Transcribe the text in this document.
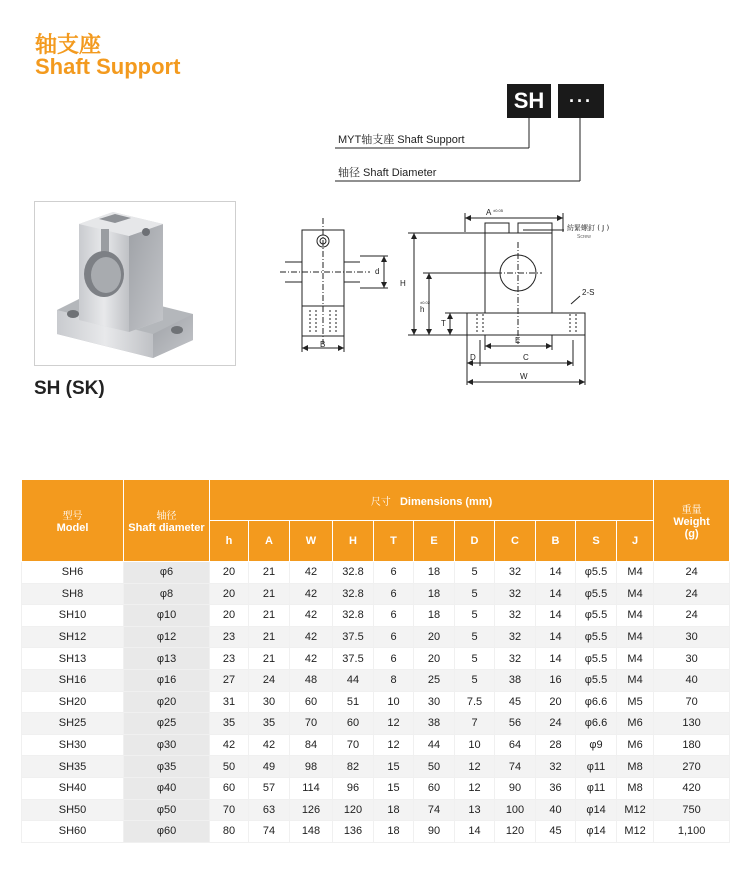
轴支座
Shaft Support
SH	···
MYT轴支座 Shaft Support
轴径 Shaft Diameter
SH (SK)
B
d
A ±0.05
H
h
±0.02
T
E
D	C
W
紡緊螺釘 ( J )
Screw
2-S
型号
Model	轴径
Shaft diameter	尺寸 Dimensions (mm)											重量
Weight
(g)
		h	A	W	H	T	E	D	C	B	S	J	
SH6	φ6	20	21	42	32.8	6	18	5	32	14	φ5.5	M4	24
SH8	φ8	20	21	42	32.8	6	18	5	32	14	φ5.5	M4	24
SH10	φ10	20	21	42	32.8	6	18	5	32	14	φ5.5	M4	24
SH12	φ12	23	21	42	37.5	6	20	5	32	14	φ5.5	M4	30
SH13	φ13	23	21	42	37.5	6	20	5	32	14	φ5.5	M4	30
SH16	φ16	27	24	48	44	8	25	5	38	16	φ5.5	M4	40
SH20	φ20	31	30	60	51	10	30	7.5	45	20	φ6.6	M5	70
SH25	φ25	35	35	70	60	12	38	7	56	24	φ6.6	M6	130
SH30	φ30	42	42	84	70	12	44	10	64	28	φ9	M6	180
SH35	φ35	50	49	98	82	15	50	12	74	32	φ11	M8	270
SH40	φ40	60	57	114	96	15	60	12	90	36	φ11	M8	420
SH50	φ50	70	63	126	120	18	74	13	100	40	φ14	M12	750
SH60	φ60	80	74	148	136	18	90	14	120	45	φ14	M12	1,100
